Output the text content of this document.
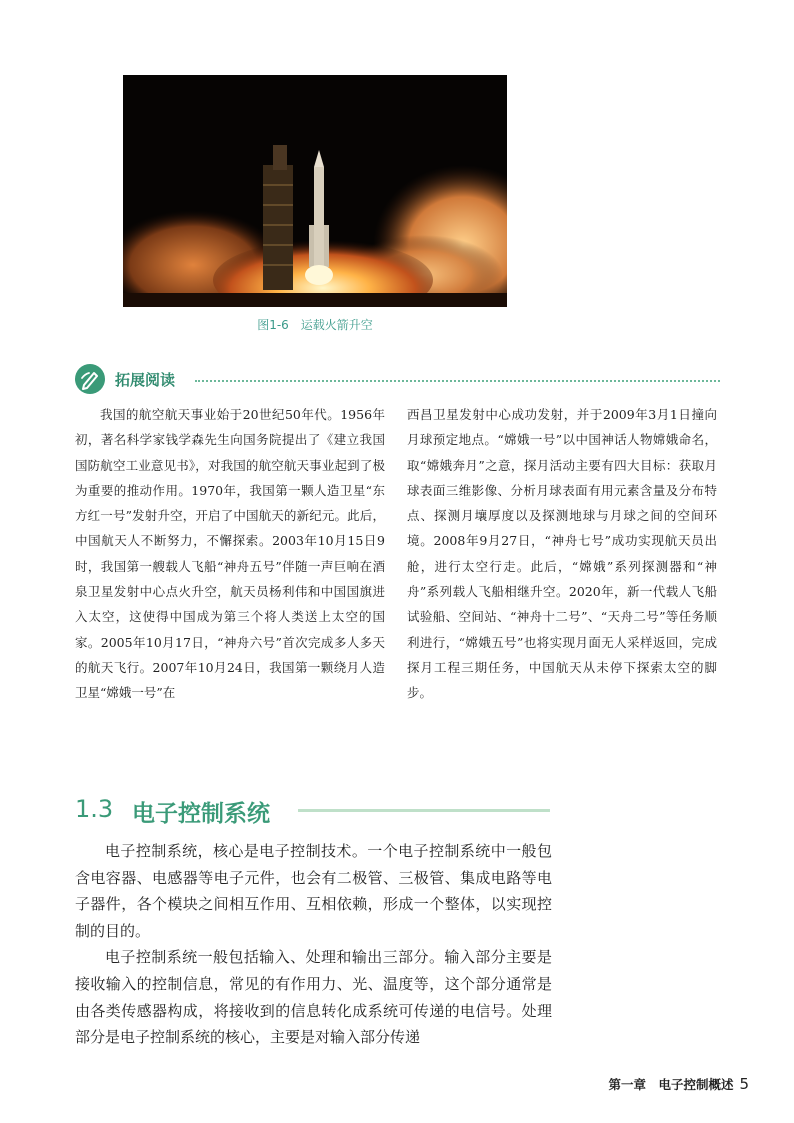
图1-6　运载火箭升空
拓展阅读

我国的航空航天事业始于20世纪50年代。1956年初，著名科学家钱学森先生向国务院提出了《建立我国国防航空工业意见书》，对我国的航空航天事业起到了极为重要的推动作用。1970年，我国第一颗人造卫星“东方红一号”发射升空，开启了中国航天的新纪元。此后，中国航天人不断努力，不懈探索。2003年10月15日9时，我国第一艘载人飞船“神舟五号”伴随一声巨响在酒泉卫星发射中心点火升空，航天员杨利伟和中国国旗进入太空，这使得中国成为第三个将人类送上太空的国家。2005年10月17日，“神舟六号”首次完成多人多天的航天飞行。2007年10月24日，我国第一颗绕月人造卫星“嫦娥一号”在

西昌卫星发射中心成功发射，并于2009年3月1日撞向月球预定地点。“嫦娥一号”以中国神话人物嫦娥命名，取“嫦娥奔月”之意，探月活动主要有四大目标：获取月球表面三维影像、分析月球表面有用元素含量及分布特点、探测月壤厚度以及探测地球与月球之间的空间环境。2008年9月27日，“神舟七号”成功实现航天员出舱，进行太空行走。此后，“嫦娥”系列探测器和“神舟”系列载人飞船相继升空。2020年，新一代载人飞船试验船、空间站、“神舟十二号”、“天舟二号”等任务顺利进行，“嫦娥五号”也将实现月面无人采样返回，完成探月工程三期任务，中国航天从未停下探索太空的脚步。

1.3 电子控制系统

电子控制系统，核心是电子控制技术。一个电子控制系统中一般包含电容器、电感器等电子元件，也会有二极管、三极管、集成电路等电子器件，各个模块之间相互作用、互相依赖，形成一个整体，以实现控制的目的。

电子控制系统一般包括输入、处理和输出三部分。输入部分主要是接收输入的控制信息，常见的有作用力、光、温度等，这个部分通常是由各类传感器构成，将接收到的信息转化成系统可传递的电信号。处理部分是电子控制系统的核心，主要是对输入部分传递

第一章　电子控制概述 5
